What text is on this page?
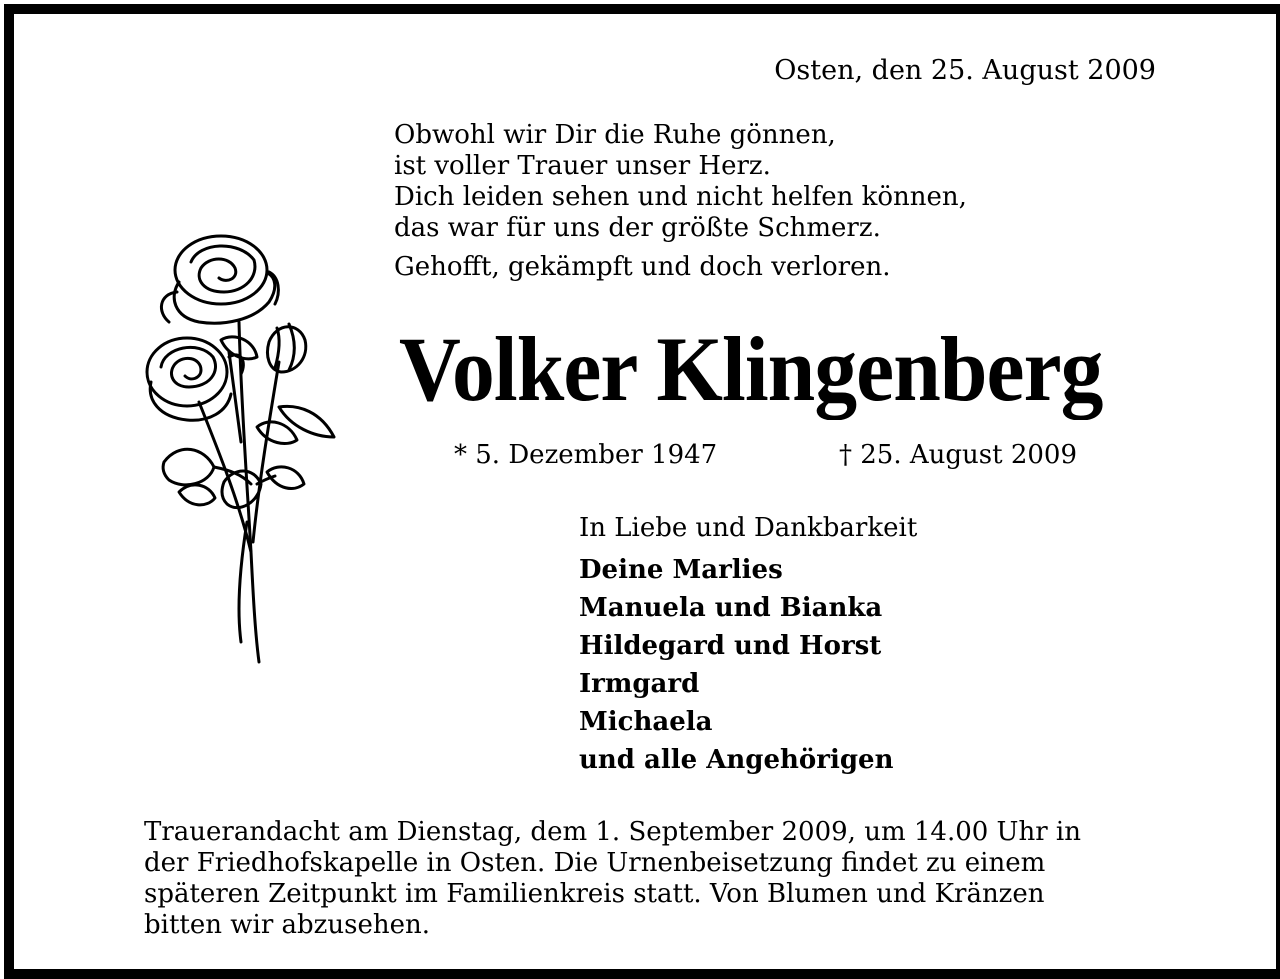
Osten, den 25. August 2009
Obwohl wir Dir die Ruhe gönnen,
ist voller Trauer unser Herz.
Dich leiden sehen und nicht helfen können,
das war für uns der größte Schmerz.
Gehofft, gekämpft und doch verloren.
Volker Klingenberg
* 5. Dezember 1947	† 25. August 2009
In Liebe und Dankbarkeit
Deine Marlies
Manuela und Bianka
Hildegard und Horst
Irmgard
Michaela
und alle Angehörigen
Trauerandacht am Dienstag, dem 1. September 2009, um 14.00 Uhr in
der Friedhofskapelle in Osten. Die Urnenbeisetzung findet zu einem
späteren Zeitpunkt im Familienkreis statt. Von Blumen und Kränzen
bitten wir abzusehen.
